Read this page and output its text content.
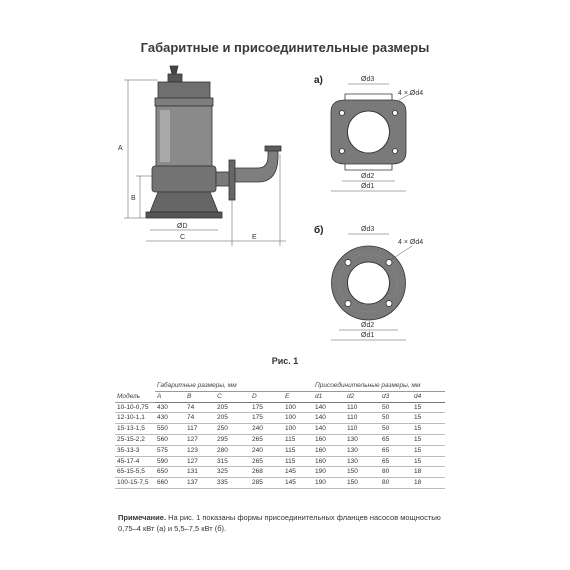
Габаритные и присоединительные размеры
A
B
ØD
C	E
а)	Ød3
4 × Ød4
Ød2
Ød1
б)	Ød3
4 × Ød4
Ød2
Ød1
Рис. 1
Модель	Габаритные размеры, мм					Присоединительные размеры, мм			
	A	B	C	D	E	d1	d2	d3	d4
10-10-0,75	430	74	205	175	100	140	110	50	15
12-10-1,1	430	74	205	175	100	140	110	50	15
15-13-1,5	550	117	250	240	100	140	110	50	15
25-15-2,2	560	127	295	265	115	160	130	65	15
35-13-3	575	123	280	240	115	160	130	65	15
45-17-4	590	127	315	265	115	160	130	65	15
65-15-5,5	650	131	325	268	145	190	150	80	18
100-15-7,5	660	137	335	285	145	190	150	80	18
Примечание. На рис. 1 показаны формы присоединительных фланцев насосов мощностью 0,75–4 кВт (а) и 5,5–7,5 кВт (б).
